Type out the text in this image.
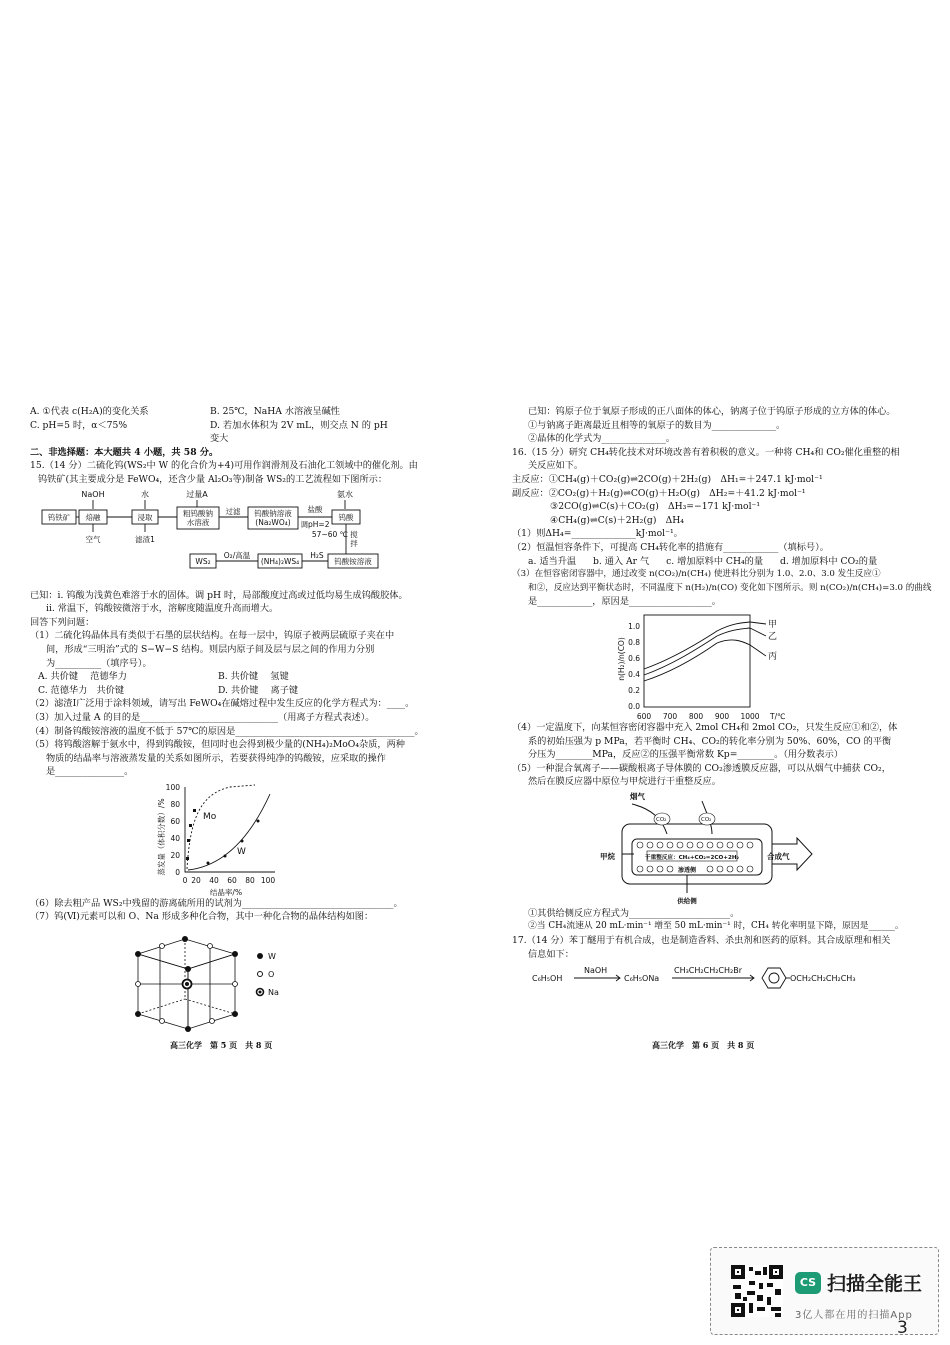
A. ①代表 c(H₂A)的变化关系	B. 25℃，NaHA 水溶液呈碱性
C. pH=5 时，α＜75%	D. 若加水体积为 2V mL，则交点 N 的 pH 变大

二、非选择题：本大题共 4 小题，共 58 分。

15.（14 分）二硫化钨(WS₂中 W 的化合价为+4)可用作润滑剂及石油化工领域中的催化剂。由

钨铁矿(其主要成分是 FeWO₄，还含少量 Al₂O₃等)制备 WS₂的工艺流程如下图所示：

NaOH	水	过量A	氨水
钨铁矿 焙融	浸取	粗钨酸钠
水溶液
钨酸钠溶液
(Na₂WO₄)
钨酸
钨酸铵溶液
(NH₄)₂WS₄
WS₂
过滤	盐酸
调pH=2
空气	滤渣1
57~60 ℃ 搅
拌
H₂S
O₂/高温

已知：i. 钨酸为浅黄色难溶于水的固体。调 pH 时，局部酸度过高或过低均易生成钨酸胶体。

ii. 常温下，钨酸铵微溶于水，溶解度随温度升高而增大。

回答下列问题：

（1）二硫化钨晶体具有类似于石墨的层状结构。在每一层中，钨原子被两层硫原子夹在中

间，形成“三明治”式的 S−W−S 结构。则层内原子间及层与层之间的作用力分别

为__________（填序号）。

A. 共价键　 范德华力	B. 共价键　 氢键
C. 范德华力　共价键	D. 共价键　 离子键

（2）滤渣Ⅰ广泛用于涂料领域，请写出 FeWO₄在碱熔过程中发生反应的化学方程式为：____。

（3）加入过量 A 的目的是______________________________（用离子方程式表述）。

（4）制备钨酸铵溶液的温度不低于 57℃的原因是_______________________________________。

（5）将钨酸溶解于氨水中，得到钨酸铵，但同时也会得到极少量的(NH₄)₂MoO₄杂质，两种

物质的结晶率与溶液蒸发量的关系如图所示，若要获得纯净的钨酸铵，应采取的操作

是_______________。

蒸发量（体积分数）/%
结晶率/%
0 20 40 60 80 100
0
20
40
60
80
100
Mo
W

（6）除去粗产品 WS₂中残留的游离硫所用的试剂为_________________________________。

（7）钨(Ⅵ)元素可以和 O、Na 形成多种化合物，其中一种化合物的晶体结构如图：

W
O
Na
高三化学　第 5 页　共 8 页

已知：钨原子位于氧原子形成的正八面体的体心，钠离子位于钨原子形成的立方体的体心。

①与钠离子距离最近且相等的氧原子的数目为______________。

②晶体的化学式为______________。

16.（15 分）研究 CH₄转化技术对环境改善有着积极的意义。一种将 CH₄和 CO₂催化重整的相

关反应如下。

主反应：①CH₄(g)＋CO₂(g)⇌2CO(g)＋2H₂(g)　ΔH₁=＋247.1 kJ·mol⁻¹

副反应：②CO₂(g)＋H₂(g)⇌CO(g)＋H₂O(g)　ΔH₂=＋41.2 kJ·mol⁻¹

③2CO(g)⇌C(s)＋CO₂(g)　ΔH₃=−171 kJ·mol⁻¹

④CH₄(g)⇌C(s)＋2H₂(g)　ΔH₄

（1）则ΔH₄=______________kJ·mol⁻¹。

（2）恒温恒容条件下，可提高 CH₄转化率的措施有____________（填标号）。

a. 适当升温 b. 通入 Ar 气 c. 增加原料中 CH₄的量 d. 增加原料中 CO₂的量

（3）在恒容密闭容器中，通过改变 n(CO₂)/n(CH₄) 使进料比分别为 1.0、2.0、3.0 发生反应①

和②，反应达到平衡状态时，不同温度下 n(H₂)/n(CO) 变化如下图所示。则 n(CO₂)/n(CH₄)=3.0 的曲线

是____________，原因是__________________。

n(H₂)/n(CO)
T/℃
0.0
0.2
0.4
0.6
0.8
1.0
600 700 800 900 1000
甲
乙
丙

（4）一定温度下，向某恒容密闭容器中充入 2mol CH₄和 2mol CO₂，只发生反应①和②，体

系的初始压强为 p MPa，若平衡时 CH₄、CO₂的转化率分别为 50%、60%，CO 的平衡

分压为________MPa，反应②的压强平衡常数 Kp=________。（用分数表示）

（5）一种混合氧离子——碳酸根离子导体膜的 CO₂渗透膜反应器，可以从烟气中捕获 CO₂，

然后在膜反应器中原位与甲烷进行干重整反应。

烟气
甲烷	合成气
渗透侧
供给侧
CO₂	CO₂
干重整反应：CH₄+CO₂=2CO+2H₂

①其供给侧反应方程式为______________________。

②当 CH₄流速从 20 mL·min⁻¹ 增至 50 mL·min⁻¹ 时，CH₄ 转化率明显下降，原因是______。

17.（14 分）苯丁醚用于有机合成，也是制造香料、杀虫剂和医药的原料。其合成原理和相关

信息如下：

C₆H₅OH
NaOH
C₆H₅ONa
CH₃CH₂CH₂CH₂Br
OCH₂CH₂CH₂CH₃
高三化学　第 6 页　共 8 页
CS 扫描全能王
3亿人都在用的扫描App
3
